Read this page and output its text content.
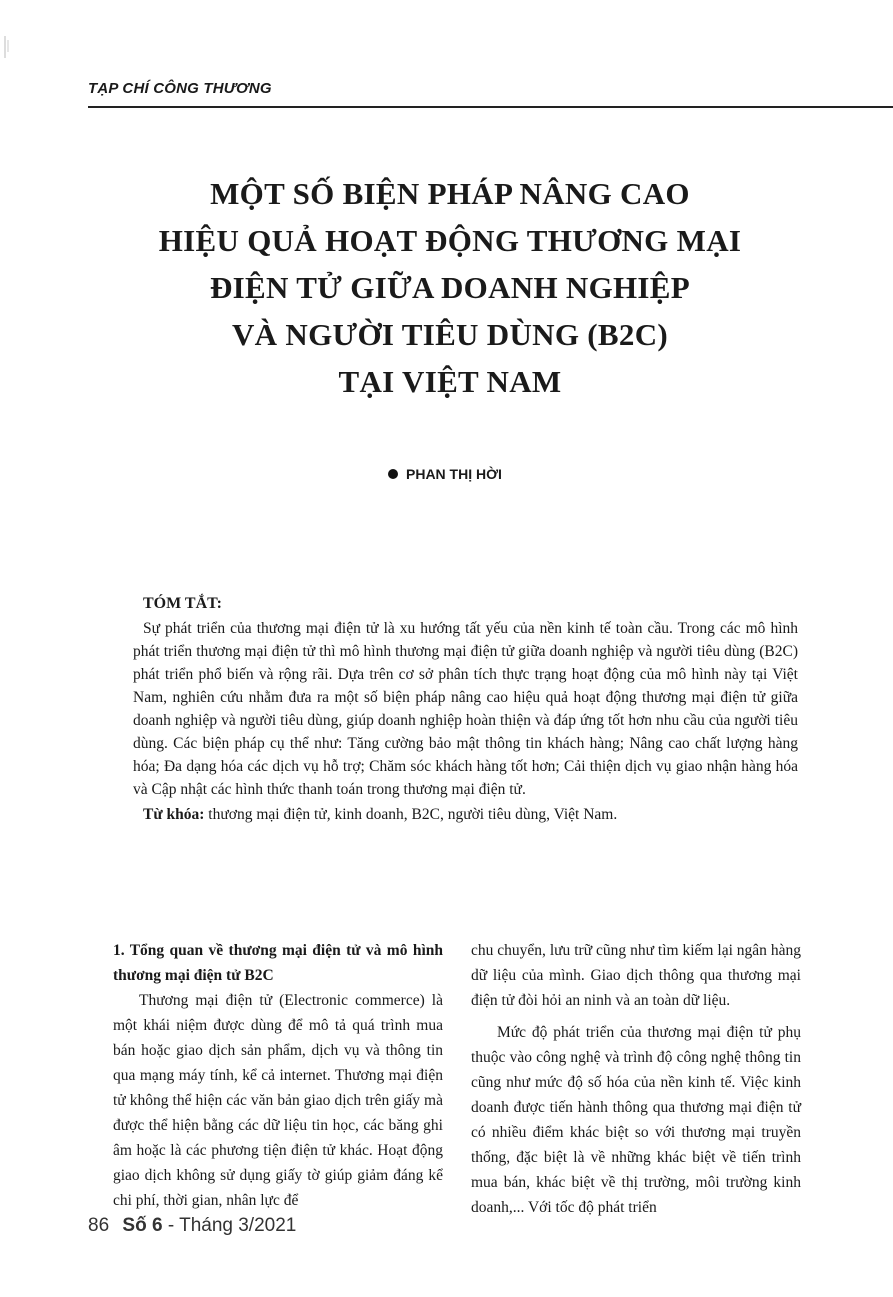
TẠP CHÍ CÔNG THƯƠNG
MỘT SỐ BIỆN PHÁP NÂNG CAO
HIỆU QUẢ HOẠT ĐỘNG THƯƠNG MẠI
ĐIỆN TỬ GIỮA DOANH NGHIỆP
VÀ NGƯỜI TIÊU DÙNG (B2C)
TẠI VIỆT NAM
PHAN THỊ HỜI
TÓM TẮT:

Sự phát triển của thương mại điện tử là xu hướng tất yếu của nền kinh tế toàn cầu. Trong các mô hình phát triển thương mại điện tử thì mô hình thương mại điện tử giữa doanh nghiệp và người tiêu dùng (B2C) phát triển phổ biến và rộng rãi. Dựa trên cơ sở phân tích thực trạng hoạt động của mô hình này tại Việt Nam, nghiên cứu nhằm đưa ra một số biện pháp nâng cao hiệu quả hoạt động thương mại điện tử giữa doanh nghiệp và người tiêu dùng, giúp doanh nghiệp hoàn thiện và đáp ứng tốt hơn nhu cầu của người tiêu dùng. Các biện pháp cụ thể như: Tăng cường bảo mật thông tin khách hàng; Nâng cao chất lượng hàng hóa; Đa dạng hóa các dịch vụ hỗ trợ; Chăm sóc khách hàng tốt hơn; Cải thiện dịch vụ giao nhận hàng hóa và Cập nhật các hình thức thanh toán trong thương mại điện tử.

Từ khóa: thương mại điện tử, kinh doanh, B2C, người tiêu dùng, Việt Nam.

1. Tổng quan về thương mại điện tử và mô hình thương mại điện tử B2C

Thương mại điện tử (Electronic commerce) là một khái niệm được dùng để mô tả quá trình mua bán hoặc giao dịch sản phẩm, dịch vụ và thông tin qua mạng máy tính, kể cả internet. Thương mại điện tử không thể hiện các văn bản giao dịch trên giấy mà được thể hiện bằng các dữ liệu tin học, các băng ghi âm hoặc là các phương tiện điện tử khác. Hoạt động giao dịch không sử dụng giấy tờ giúp giảm đáng kể chi phí, thời gian, nhân lực để

chu chuyển, lưu trữ cũng như tìm kiếm lại ngân hàng dữ liệu của mình. Giao dịch thông qua thương mại điện tử đòi hỏi an ninh và an toàn dữ liệu.

Mức độ phát triển của thương mại điện tử phụ thuộc vào công nghệ và trình độ công nghệ thông tin cũng như mức độ số hóa của nền kinh tế. Việc kinh doanh được tiến hành thông qua thương mại điện tử có nhiều điểm khác biệt so với thương mại truyền thống, đặc biệt là về những khác biệt về tiến trình mua bán, khác biệt về thị trường, môi trường kinh doanh,... Với tốc độ phát triển

86 Số 6 - Tháng 3/2021
